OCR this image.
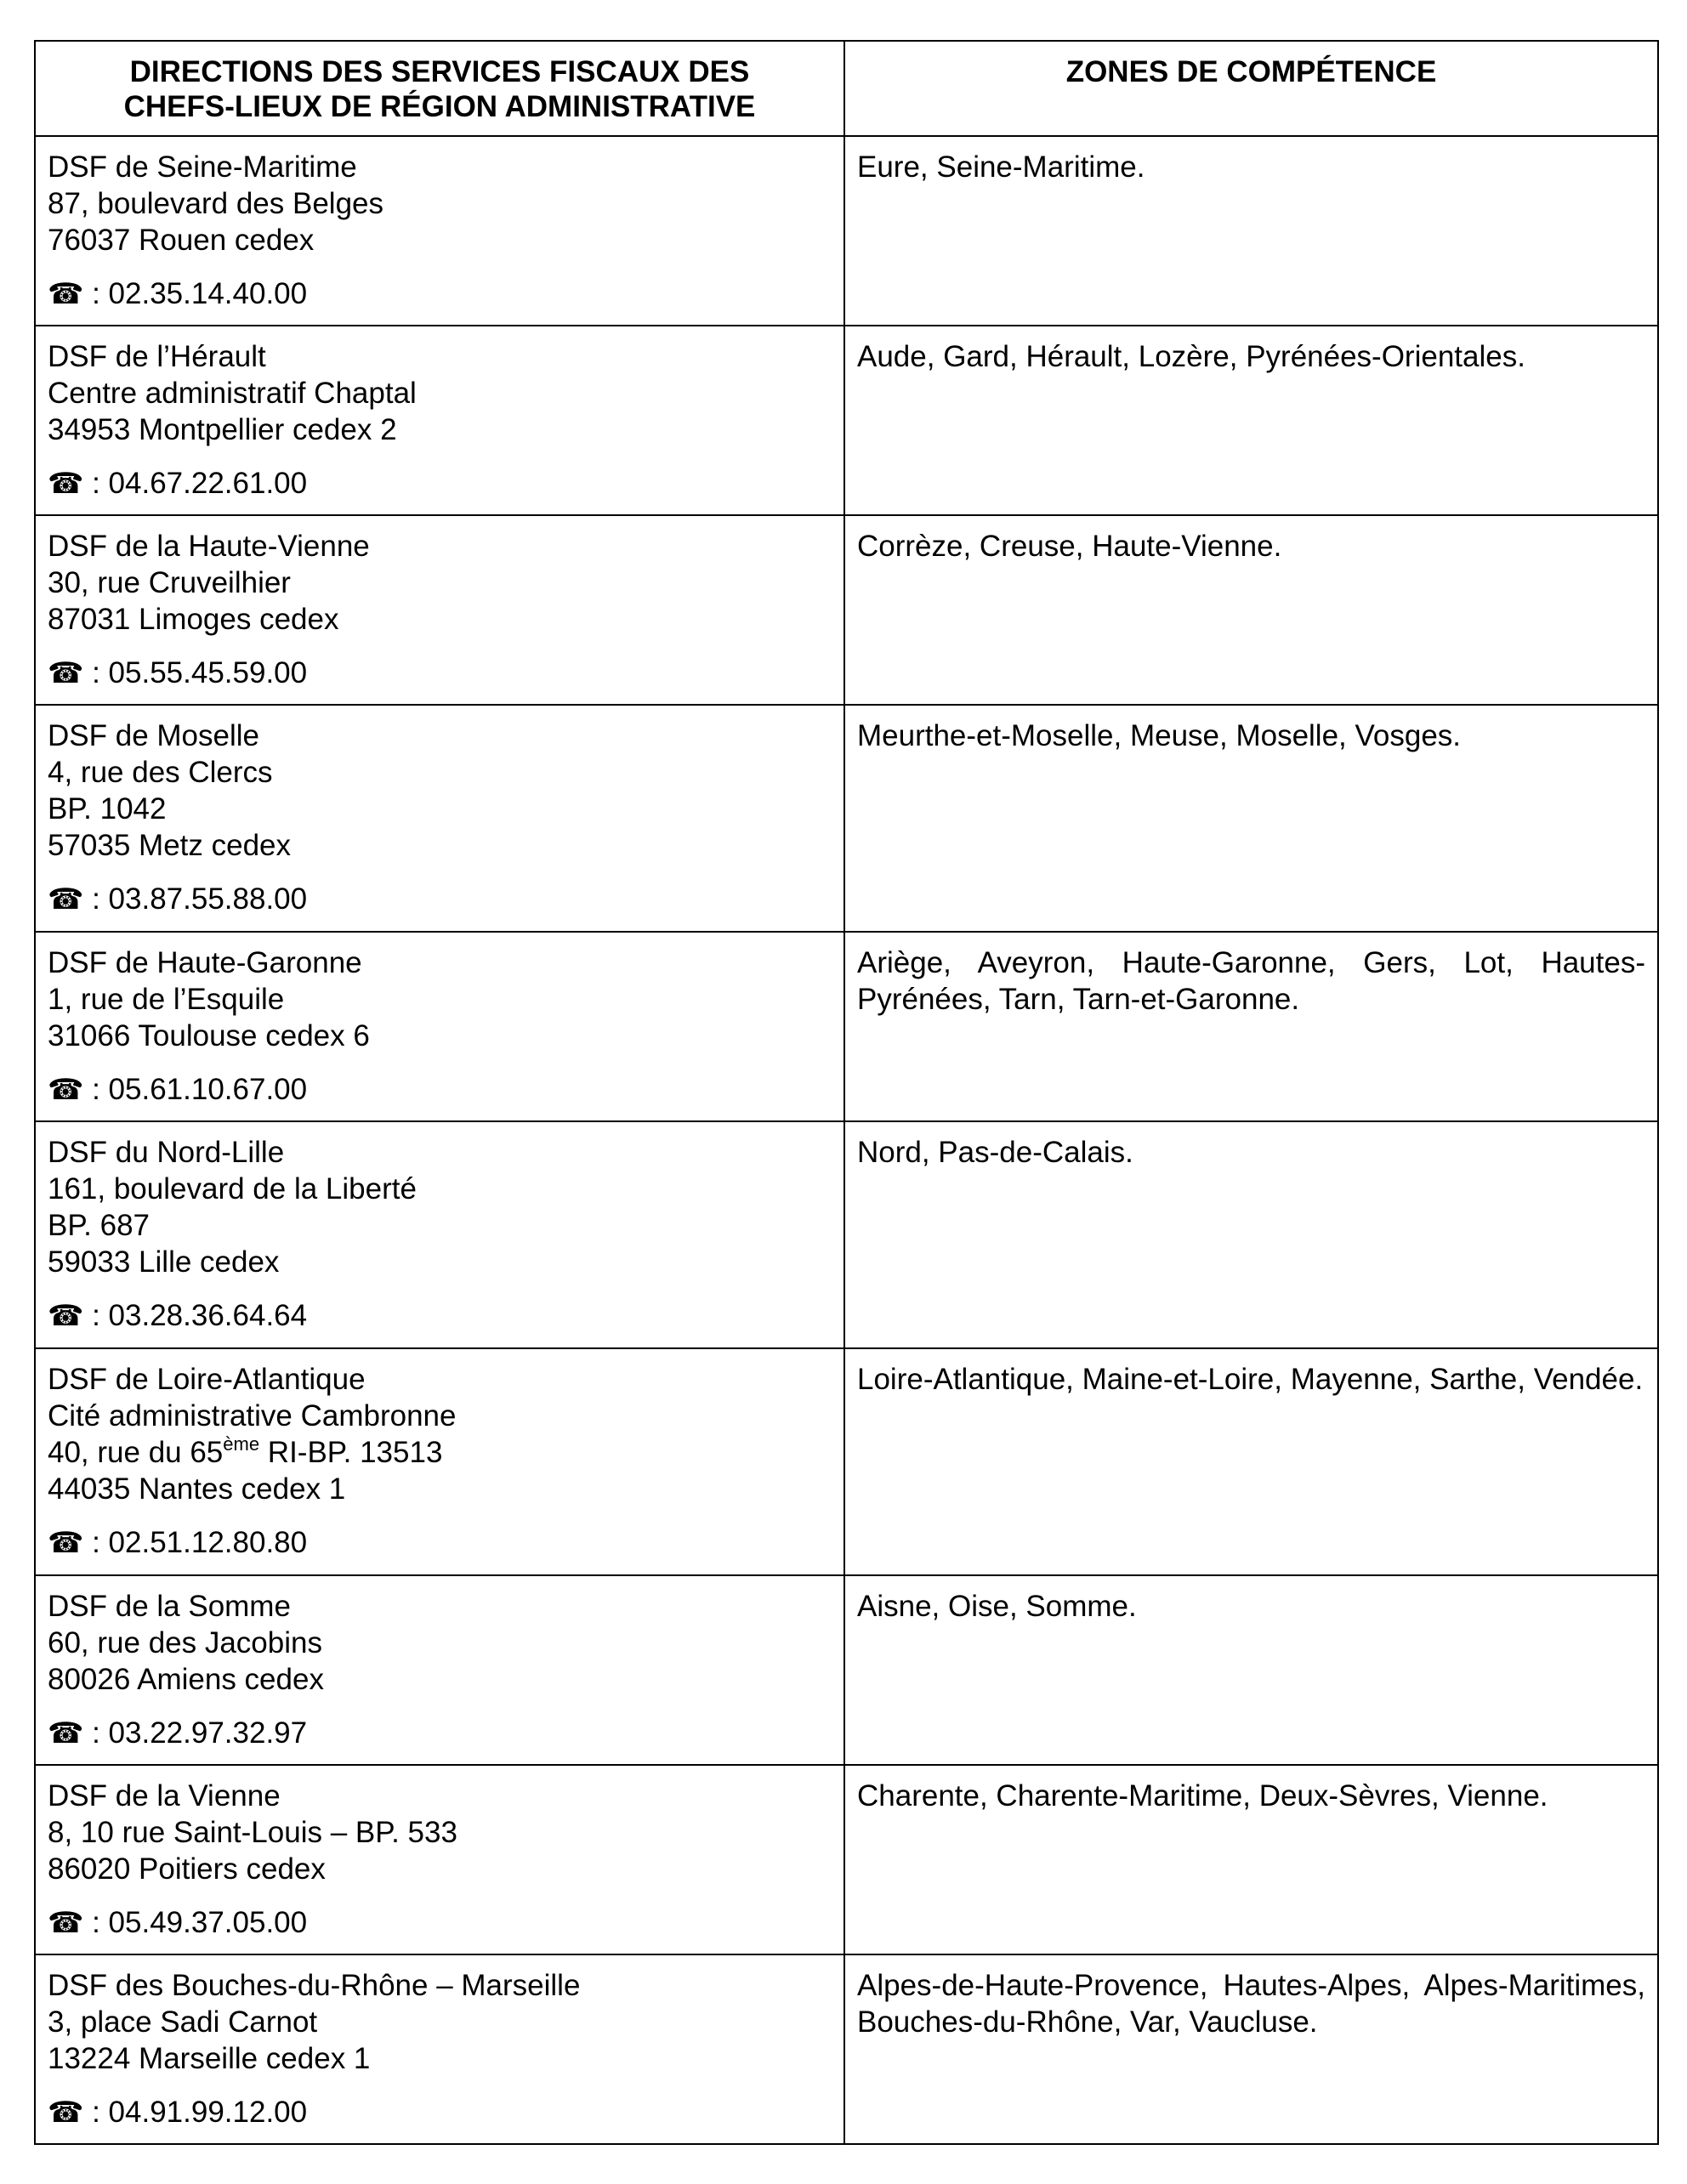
DIRECTIONS DES SERVICES FISCAUX DES
CHEFS-LIEUX DE RÉGION ADMINISTRATIVE	ZONES DE COMPÉTENCE

DSF de Seine-Maritime
87, boulevard des Belges
76037 Rouen cedex
☎ : 02.35.14.40.00	Eure, Seine-Maritime.

DSF de l’Hérault
Centre administratif Chaptal
34953 Montpellier cedex 2
☎ : 04.67.22.61.00	Aude, Gard, Hérault, Lozère, Pyrénées-Orientales.

DSF de la Haute-Vienne
30, rue Cruveilhier
87031 Limoges cedex
☎ : 05.55.45.59.00	Corrèze, Creuse, Haute-Vienne.

DSF de Moselle
4, rue des Clercs
BP. 1042
57035 Metz cedex
☎ : 03.87.55.88.00	Meurthe-et-Moselle, Meuse, Moselle, Vosges.

DSF de Haute-Garonne
1, rue de l’Esquile
31066 Toulouse cedex 6
☎ : 05.61.10.67.00	Ariège, Aveyron, Haute-Garonne, Gers, Lot, Hautes-Pyrénées, Tarn, Tarn-et-Garonne.

DSF du Nord-Lille
161, boulevard de la Liberté
BP. 687
59033 Lille cedex
☎ : 03.28.36.64.64	Nord, Pas-de-Calais.

DSF de Loire-Atlantique
Cité administrative Cambronne
40, rue du 65ème RI-BP. 13513
44035 Nantes cedex 1
☎ : 02.51.12.80.80	Loire-Atlantique, Maine-et-Loire, Mayenne, Sarthe, Vendée.

DSF de la Somme
60, rue des Jacobins
80026 Amiens cedex
☎ : 03.22.97.32.97	Aisne, Oise, Somme.

DSF de la Vienne
8, 10 rue Saint-Louis – BP. 533
86020 Poitiers cedex
☎ : 05.49.37.05.00	Charente, Charente-Maritime, Deux-Sèvres, Vienne.

DSF des Bouches-du-Rhône – Marseille
3, place Sadi Carnot
13224 Marseille cedex 1
☎ : 04.91.99.12.00	Alpes-de-Haute-Provence, Hautes-Alpes, Alpes-Maritimes, Bouches-du-Rhône, Var, Vaucluse.
